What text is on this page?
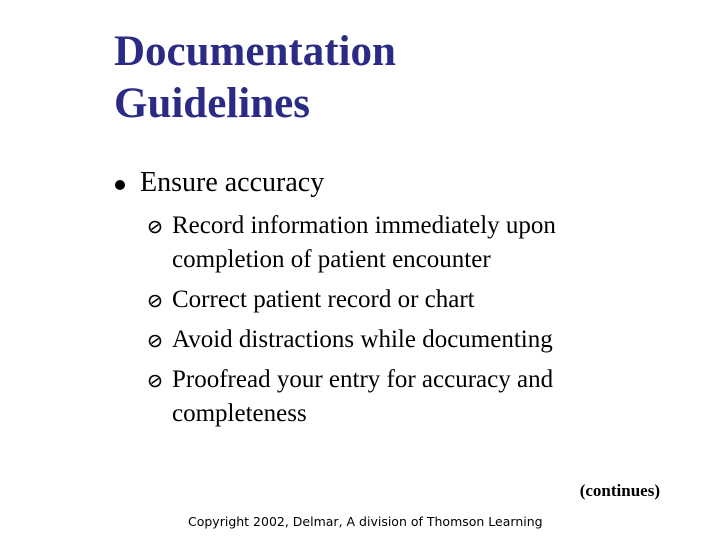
Documentation
Guidelines
Ensure accuracy
Record information immediately upon
completion of patient encounter
Correct patient record or chart
Avoid distractions while documenting
Proofread your entry for accuracy and
completeness
(continues)
Copyright 2002, Delmar, A division of Thomson Learning
